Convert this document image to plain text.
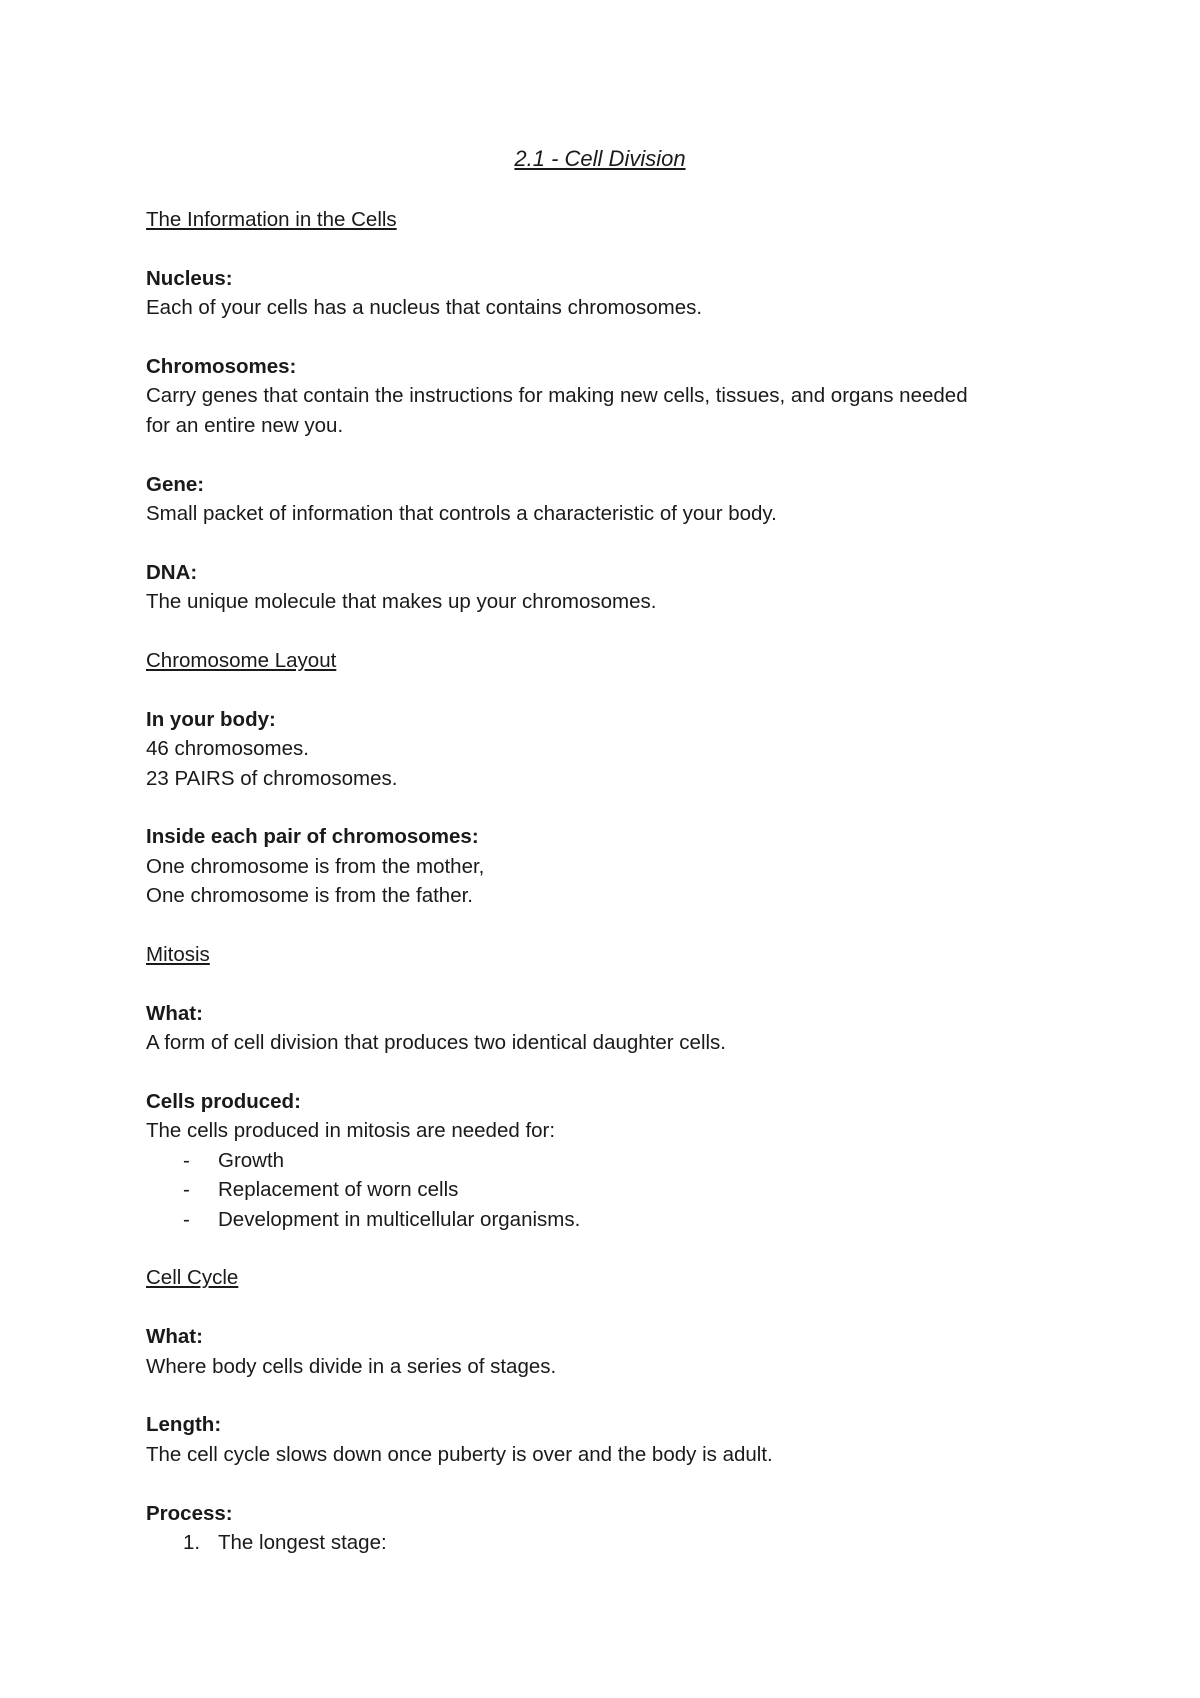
2.1 - Cell Division
The Information in the Cells
Nucleus:
Each of your cells has a nucleus that contains chromosomes.
Chromosomes:
Carry genes that contain the instructions for making new cells, tissues, and organs needed
for an entire new you.
Gene:
Small packet of information that controls a characteristic of your body.
DNA:
The unique molecule that makes up your chromosomes.
Chromosome Layout
In your body:
46 chromosomes.
23 PAIRS of chromosomes.
Inside each pair of chromosomes:
One chromosome is from the mother,
One chromosome is from the father.
Mitosis
What:
A form of cell division that produces two identical daughter cells.
Cells produced:
The cells produced in mitosis are needed for:
- Growth
- Replacement of worn cells
- Development in multicellular organisms.
Cell Cycle
What:
Where body cells divide in a series of stages.
Length:
The cell cycle slows down once puberty is over and the body is adult.
Process:
1. The longest stage:
